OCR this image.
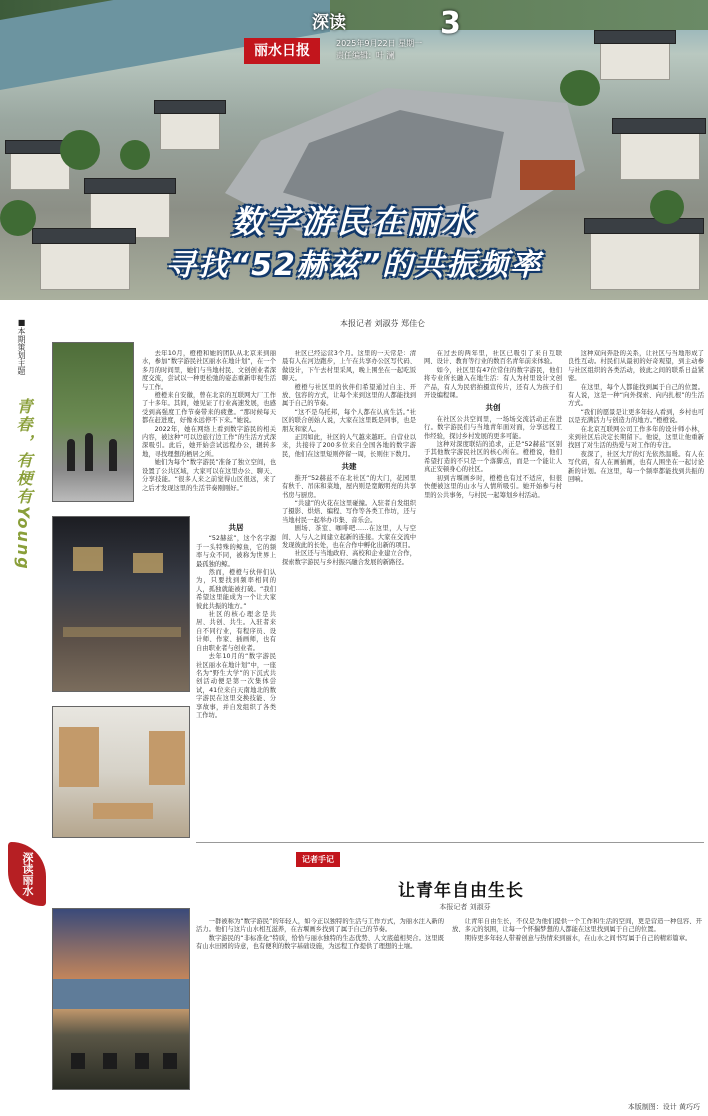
深读
丽水日报	2025年9月22日 星期一
责任编辑：叶 澜
3
数字游民在丽水
寻找“52赫兹”的共振频率
本报记者 刘淑芬 郑佳仑
■本期策划主题
青春，有梗有Young
深读丽水

去年10月，橙橙和她的团队从北京来到丽水，参加“数字游民社区丽水在地计划”，在一个多月的时间里，她们与当地村民、文创创业者深度交流，尝试以一种更松弛的姿态重新审视生活与工作。

橙橙来自安徽，曾在北京的互联网大厂工作了十多年。其间，她见证了行业高速发展，也感受到高强度工作节奏带来的疲惫。“那时候每天都在赶进度，好像永远停不下来。”她说。

2022年，她在网络上看到数字游民的相关内容，被这种“可以边旅行边工作”的生活方式深深吸引。此后，她开始尝试远程办公，辗转多地，寻找理想的栖居之所。

她们为每个“数字游民”准备了独立空间，也设置了公共区域，大家可以在这里办公、聊天、分享技能。“很多人来之前觉得山区很远，来了之后才发现这里的生活节奏刚刚好。”

共居

“52赫兹”，这个名字源于一头特殊的鲸鱼，它的频率与众不同，被称为世界上最孤独的鲸。

然而，橙橙与伙伴们认为，只要找到频率相同的人，孤独就能被打破。“我们希望这里能成为一个让大家彼此共振的地方。”

社区的核心理念是共居、共创、共生。入驻者来自不同行业，有程序员、设计师、作家、插画师，也有自由职业者与创业者。

去年10月的“数字游民社区丽水在地计划”中，一座名为“野生大学”的下沉式共创活动便是第一次集体尝试，41位来自天南地北的数字游民在这里交换技能、分享故事，并自发组织了各类工作坊。

社区已经运营3个月。这里的一天常是：清晨有人在河边跑步，上午在共享办公区写代码、做设计，下午去村里采风，晚上围坐在一起吃饭聊天。

橙橙与社区里的伙伴们希望通过自主、开放、包容的方式，让每个来到这里的人都能找到属于自己的节奏。

“这不是乌托邦，每个人都在认真生活。”社区的联合创始人说，大家在这里既是同事，也是朋友和家人。

正因如此，社区的人气越来越旺。自营业以来，共接待了200多位来自全国各地的数字游民，他们在这里短则停留一周，长则住下数月。

共建

推开“52赫兹不在北社区”的大门，花园里有秋千、吊床和菜地，屋内则是宽敞明亮的共享书房与厨房。

“共建”的火花在这里碰撞。入驻者自发组织了摄影、烘焙、编程、写作等各类工作坊，还与当地村民一起举办市集、音乐会。

剧场、茶室、咖啡吧……在这里，人与空间、人与人之间建立起新的连接。大家在交流中发现彼此的长处，也在合作中孵化出新的项目。

社区还与当地政府、高校和企业建立合作，探索数字游民与乡村振兴融合发展的新路径。

在过去的两年里，社区已吸引了来自互联网、设计、教育等行业的数百名青年前来体验。

如今，社区里有47位常住的数字游民，他们将专业所长融入在地生活：有人为村里设计文创产品，有人为民宿拍摄宣传片，还有人为孩子们开设编程课。

共创

在社区公共空间里，一场场交流活动正在进行。数字游民们与当地青年面对面，分享远程工作经验，探讨乡村发展的更多可能。

这种对深度联结的追求，正是“52赫兹”区别于其他数字游民社区的核心所在。橙橙说，他们希望打造的不只是一个落脚点，而是一个能让人真正安顿身心的社区。

初到古堰画乡时，橙橙也有过不适应，但很快便被这里的山水与人情所吸引。她开始参与村里的公共事务，与村民一起筹划乡村活动。

这种双向奔赴的关系，让社区与当地形成了良性互动。村民们从最初的好奇观望，到主动参与社区组织的各类活动，彼此之间的联系日益紧密。

在这里，每个人都能找到属于自己的位置。有人说，这是一种“向外探索、向内扎根”的生活方式。

“我们的愿景是让更多年轻人看到，乡村也可以是充满活力与创造力的地方。”橙橙说。

在北京互联网公司工作多年的设计师小林，来到社区后决定长期留下。他说，这里让他重新找回了对生活的热爱与对工作的专注。

夜深了，社区大厅的灯光依然温暖。有人在写代码，有人在画插画，也有人围坐在一起讨论新的计划。在这里，每一个频率都能找到共振的回响。

记者手记
让青年自由生长
本报记者 刘淑芬

一群被称为“数字游民”的年轻人，如今正以独特的生活与工作方式，为丽水注入新的活力。他们与这片山水相互滋养，在古堰画乡找到了属于自己的节奏。

数字游民的“非标准化”特质，恰恰与丽水独特的生态优势、人文底蕴相契合。这里既有山水田园的诗意，也有便利的数字基础设施，为远程工作提供了理想的土壤。

让青年自由生长，不仅是为他们提供一个工作和生活的空间，更是营造一种包容、开放、多元的氛围，让每一个怀揣梦想的人都能在这里找到属于自己的位置。

期待更多年轻人带着创意与热情来到丽水，在山水之间书写属于自己的精彩篇章。

本版制图：设计 黄巧巧
